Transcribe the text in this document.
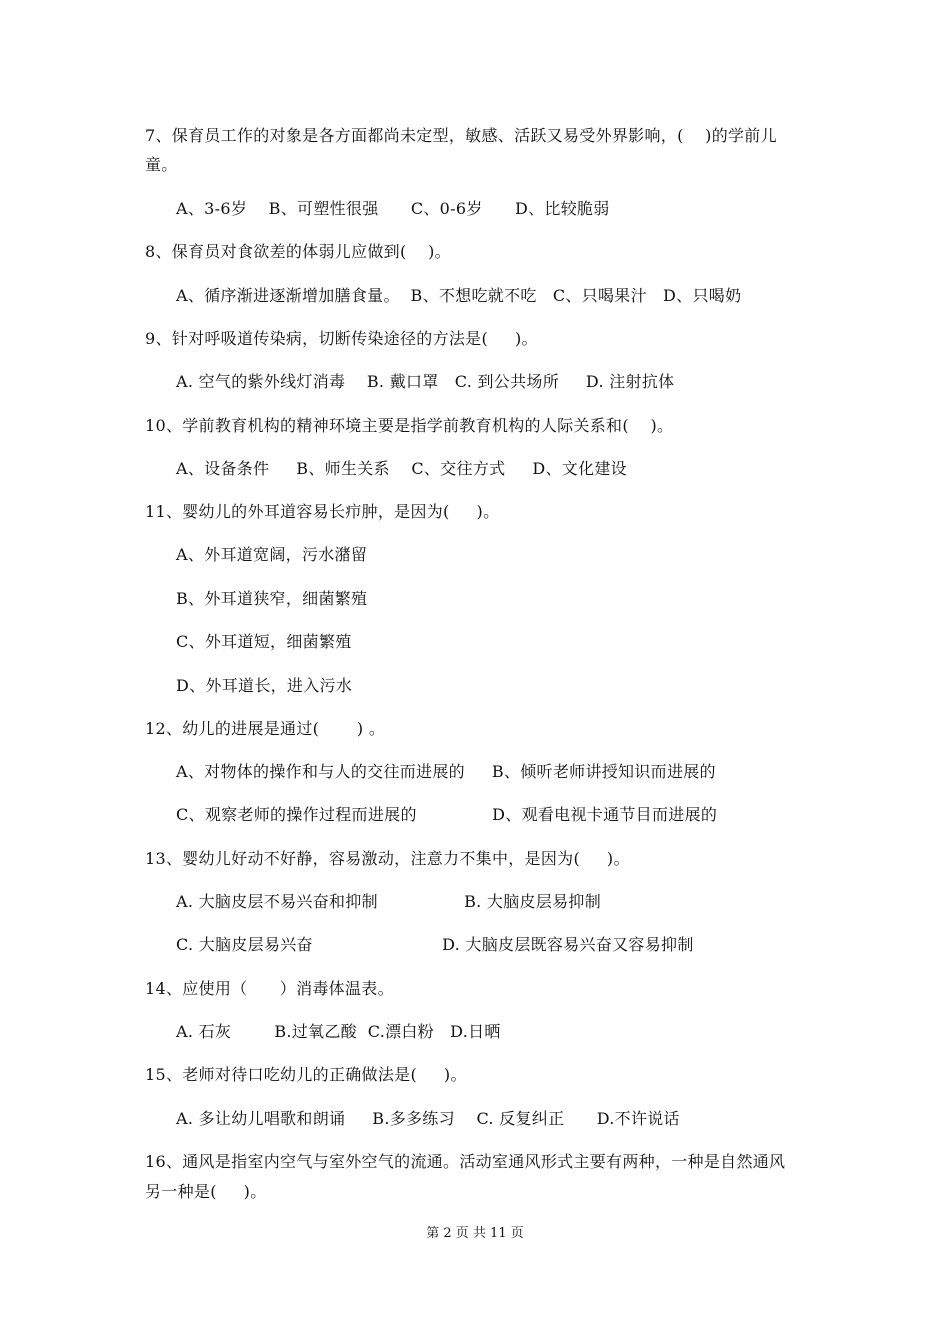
7、保育员工作的对象是各方面都尚未定型，敏感、活跃又易受外界影响，(    )的学前儿
童。
A、3-6岁    B、可塑性很强      C、0-6岁      D、比较脆弱
8、保育员对食欲差的体弱儿应做到(    )。
A、循序渐进逐渐增加膳食量。  B、不想吃就不吃   C、只喝果汁   D、只喝奶
9、针对呼吸道传染病，切断传染途径的方法是(     )。
A. 空气的紫外线灯消毒    B. 戴口罩   C. 到公共场所     D. 注射抗体
10、学前教育机构的精神环境主要是指学前教育机构的人际关系和(    )。
A、设备条件     B、师生关系    C、交往方式     D、文化建设
11、婴幼儿的外耳道容易长疖肿，是因为(     )。
A、外耳道宽阔，污水潴留
B、外耳道狭窄，细菌繁殖
C、外耳道短，细菌繁殖
D、外耳道长，进入污水
12、幼儿的进展是通过(       ) 。
A、对物体的操作和与人的交往而进展的     B、倾听老师讲授知识而进展的
C、观察老师的操作过程而进展的              D、观看电视卡通节目而进展的
13、婴幼儿好动不好静，容易激动，注意力不集中，是因为(     )。
A. 大脑皮层不易兴奋和抑制                B. 大脑皮层易抑制
C. 大脑皮层易兴奋                        D. 大脑皮层既容易兴奋又容易抑制
14、应使用（      ）消毒体温表。
A. 石灰        B.过氧乙酸  C.漂白粉   D.日晒
15、老师对待口吃幼儿的正确做法是(     )。
A. 多让幼儿唱歌和朗诵     B.多多练习    C. 反复纠正      D.不许说话
16、通风是指室内空气与室外空气的流通。活动室通风形式主要有两种，一种是自然通风
另一种是(     )。
第 2 页 共 11 页
